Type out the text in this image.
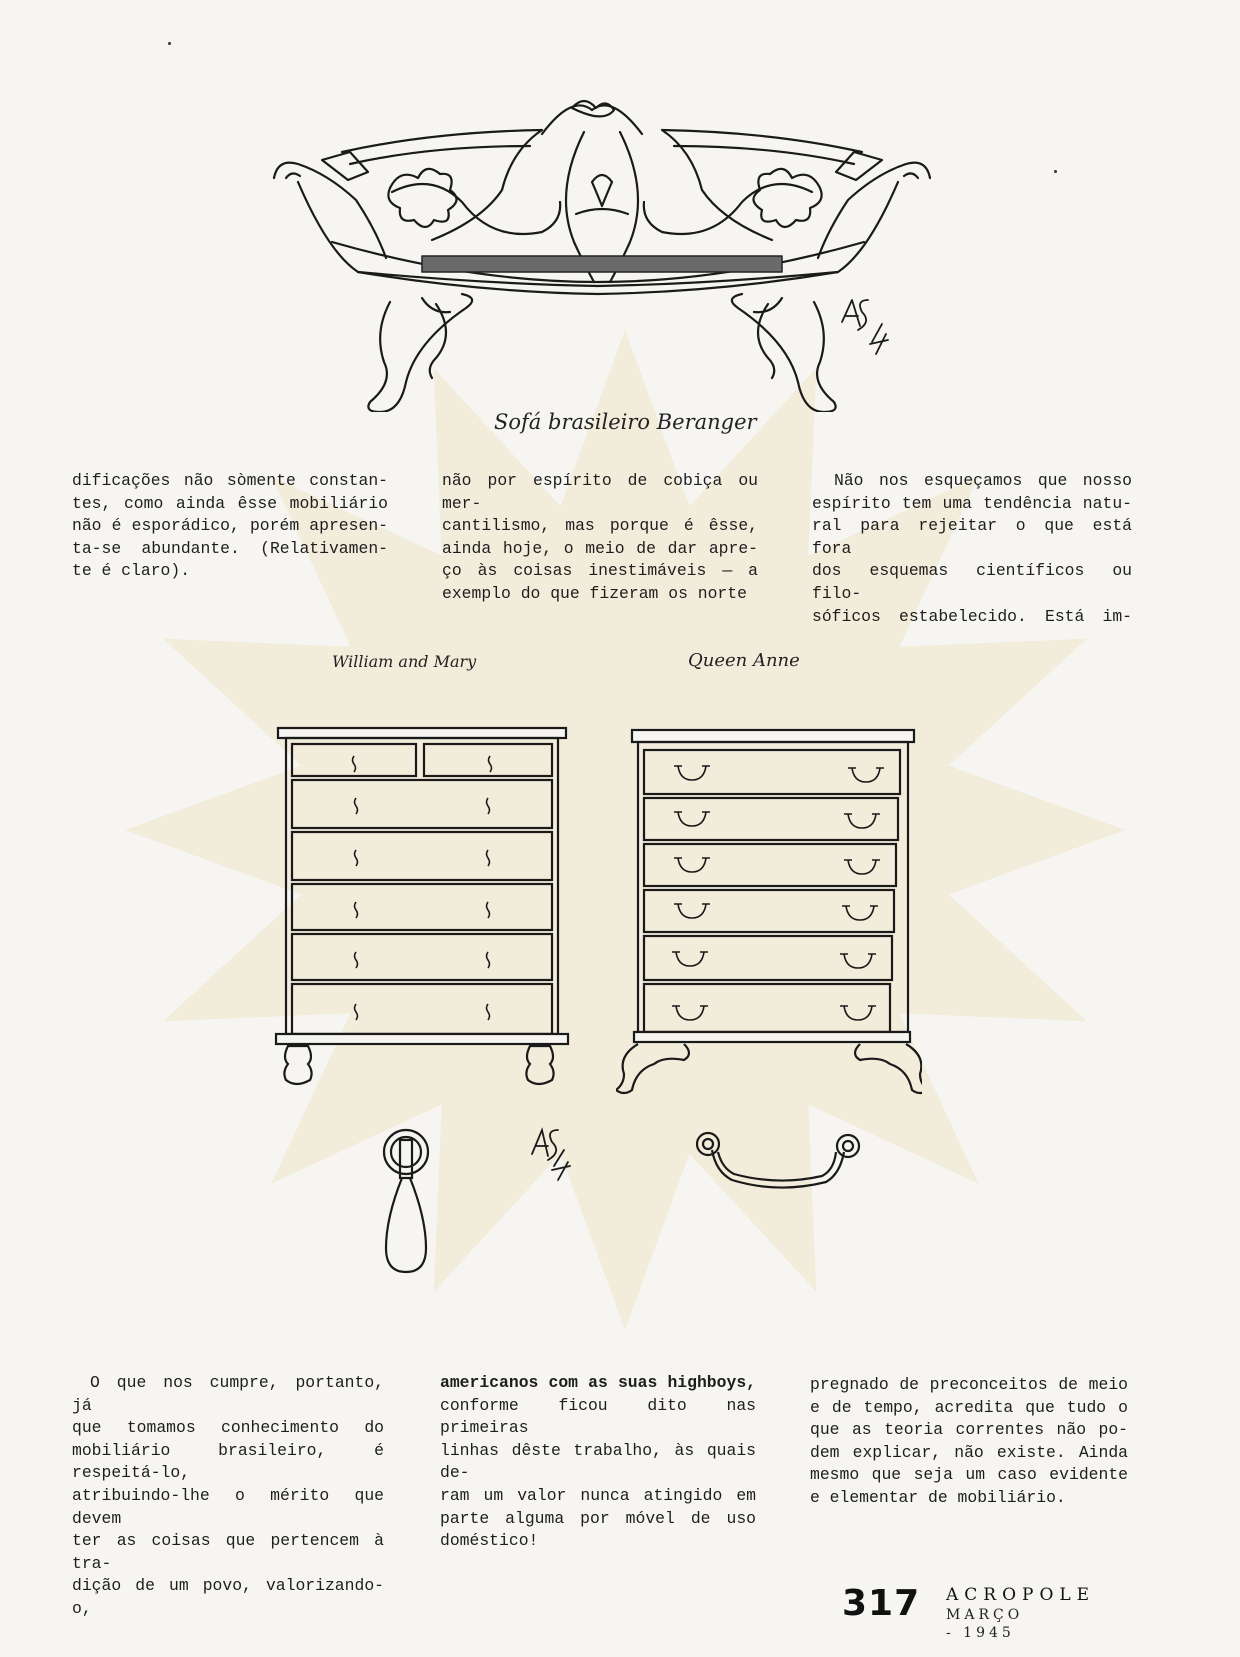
Sofá brasileiro Beranger

dificações não sòmente constan-

tes, como ainda êsse mobiliário

não é esporádico, porém apresen-

ta-se abundante. (Relativamen-

te é claro).

não por espírito de cobiça ou mer-

cantilismo, mas porque é êsse,

ainda hoje, o meio de dar apre-

ço às coisas inestimáveis — a

exemplo do que fizeram os norte

Não nos esqueçamos que nosso

espírito tem uma tendência natu-

ral para rejeitar o que está fora

dos esquemas científicos ou filo-

sóficos estabelecido. Está im-

William and Mary	Queen Anne

O que nos cumpre, portanto, já

que tomamos conhecimento do

mobiliário brasileiro, é respeitá-lo,

atribuindo-lhe o mérito que devem

ter as coisas que pertencem à tra-

dição de um povo, valorizando-o,

americanos com as suas highboys,

conforme ficou dito nas primeiras

linhas dêste trabalho, às quais de-

ram um valor nunca atingido em

parte alguma por móvel de uso

doméstico!

pregnado de preconceitos de meio

e de tempo, acredita que tudo o

que as teoria correntes não po-

dem explicar, não existe. Ainda

mesmo que seja um caso evidente

e elementar de mobiliário.

317 ACROPOLE
MARÇO - 1945
